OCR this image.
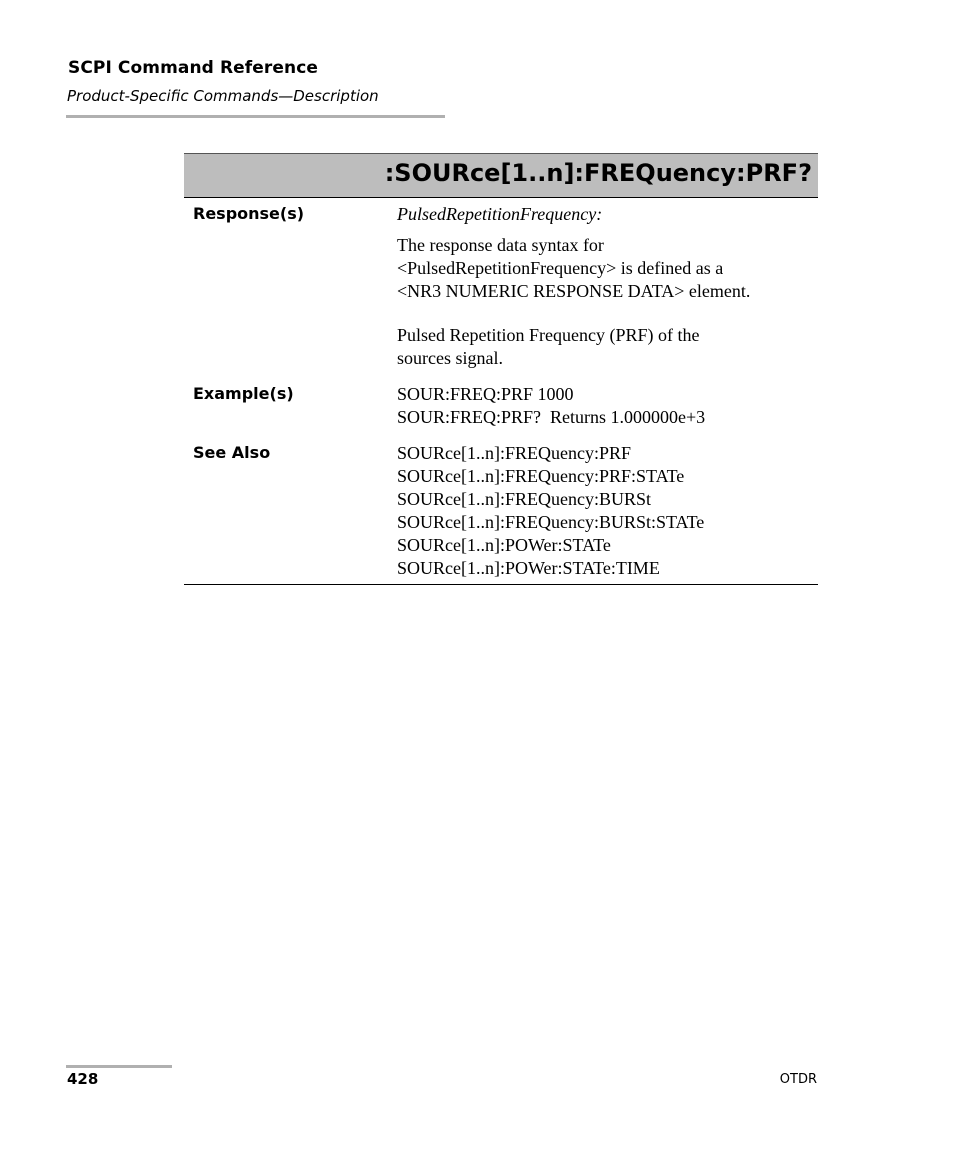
SCPI Command Reference
Product-Specific Commands—Description
:SOURce[1..n]:FREQuency:PRF?
Response(s)	PulsedRepetitionFrequency:
The response data syntax for
<PulsedRepetitionFrequency> is defined as a
<NR3 NUMERIC RESPONSE DATA> element.
Pulsed Repetition Frequency (PRF) of the
sources signal.
Example(s)	SOUR:FREQ:PRF 1000
SOUR:FREQ:PRF?  Returns 1.000000e+3
See Also	SOURce[1..n]:FREQuency:PRF
SOURce[1..n]:FREQuency:PRF:STATe
SOURce[1..n]:FREQuency:BURSt
SOURce[1..n]:FREQuency:BURSt:STATe
SOURce[1..n]:POWer:STATe
SOURce[1..n]:POWer:STATe:TIME
428	OTDR
